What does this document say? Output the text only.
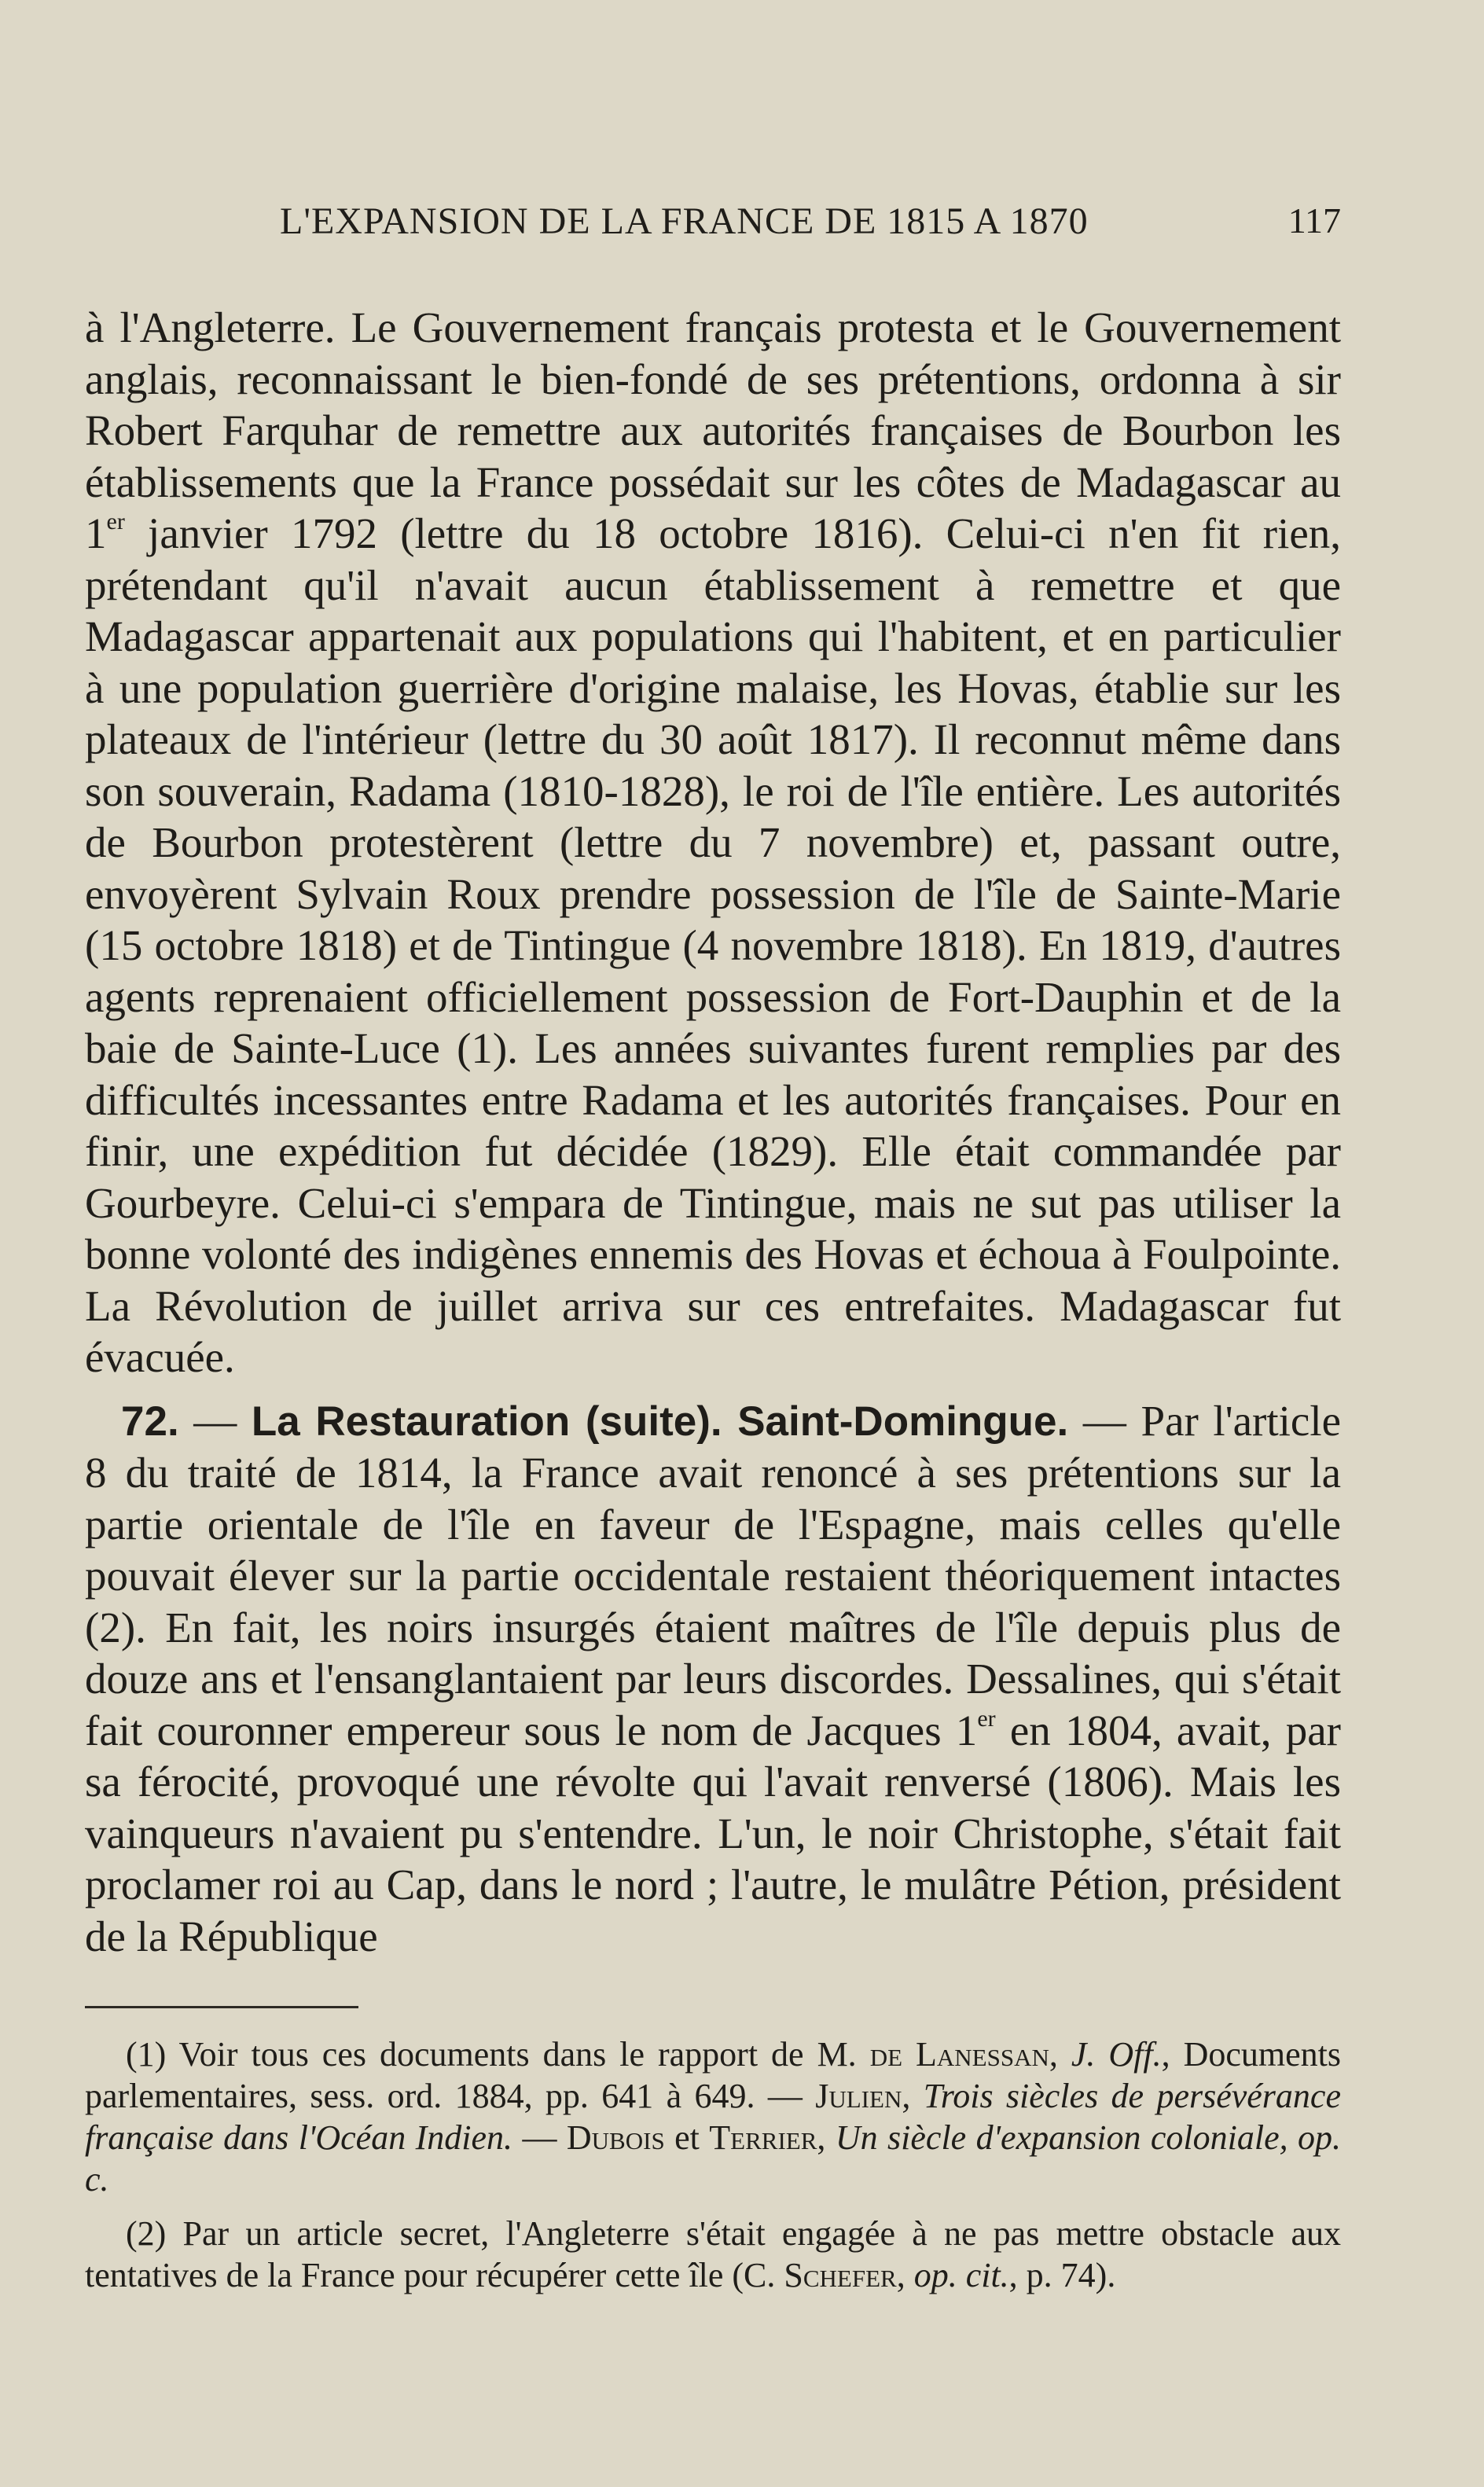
L'EXPANSION DE LA FRANCE DE 1815 A 1870	117

à l'Angleterre. Le Gouvernement français protesta et le Gouvernement anglais, reconnaissant le bien-fondé de ses prétentions, ordonna à sir Robert Farquhar de remettre aux autorités françaises de Bourbon les établissements que la France possédait sur les côtes de Madagascar au 1er janvier 1792 (lettre du 18 octobre 1816). Celui-ci n'en fit rien, prétendant qu'il n'avait aucun établissement à remettre et que Madagascar appartenait aux populations qui l'habitent, et en particulier à une population guerrière d'origine malaise, les Hovas, établie sur les plateaux de l'intérieur (lettre du 30 août 1817). Il reconnut même dans son souverain, Radama (1810-1828), le roi de l'île entière. Les autorités de Bourbon protestèrent (lettre du 7 novembre) et, passant outre, envoyèrent Sylvain Roux prendre possession de l'île de Sainte-Marie (15 octobre 1818) et de Tintingue (4 novembre 1818). En 1819, d'autres agents reprenaient officiellement possession de Fort-Dauphin et de la baie de Sainte-Luce (1). Les années suivantes furent remplies par des difficultés incessantes entre Radama et les autorités françaises. Pour en finir, une expédition fut décidée (1829). Elle était commandée par Gourbeyre. Celui-ci s'empara de Tintingue, mais ne sut pas utiliser la bonne volonté des indigènes ennemis des Hovas et échoua à Foulpointe. La Révolution de juillet arriva sur ces entrefaites. Madagascar fut évacuée.

72. — La Restauration (suite). Saint-Domingue. — Par l'article 8 du traité de 1814, la France avait renoncé à ses prétentions sur la partie orientale de l'île en faveur de l'Espagne, mais celles qu'elle pouvait élever sur la partie occidentale restaient théoriquement intactes (2). En fait, les noirs insurgés étaient maîtres de l'île depuis plus de douze ans et l'ensanglantaient par leurs discordes. Dessalines, qui s'était fait couronner empereur sous le nom de Jacques 1er en 1804, avait, par sa férocité, provoqué une révolte qui l'avait renversé (1806). Mais les vainqueurs n'avaient pu s'entendre. L'un, le noir Christophe, s'était fait proclamer roi au Cap, dans le nord ; l'autre, le mulâtre Pétion, président de la République

(1) Voir tous ces documents dans le rapport de M. de Lanessan, J. Off., Documents parlementaires, sess. ord. 1884, pp. 641 à 649. — Julien, Trois siècles de persévérance française dans l'Océan Indien. — Dubois et Terrier, Un siècle d'expansion coloniale, op. c.

(2) Par un article secret, l'Angleterre s'était engagée à ne pas mettre obstacle aux tentatives de la France pour récupérer cette île (C. Schefer, op. cit., p. 74).
